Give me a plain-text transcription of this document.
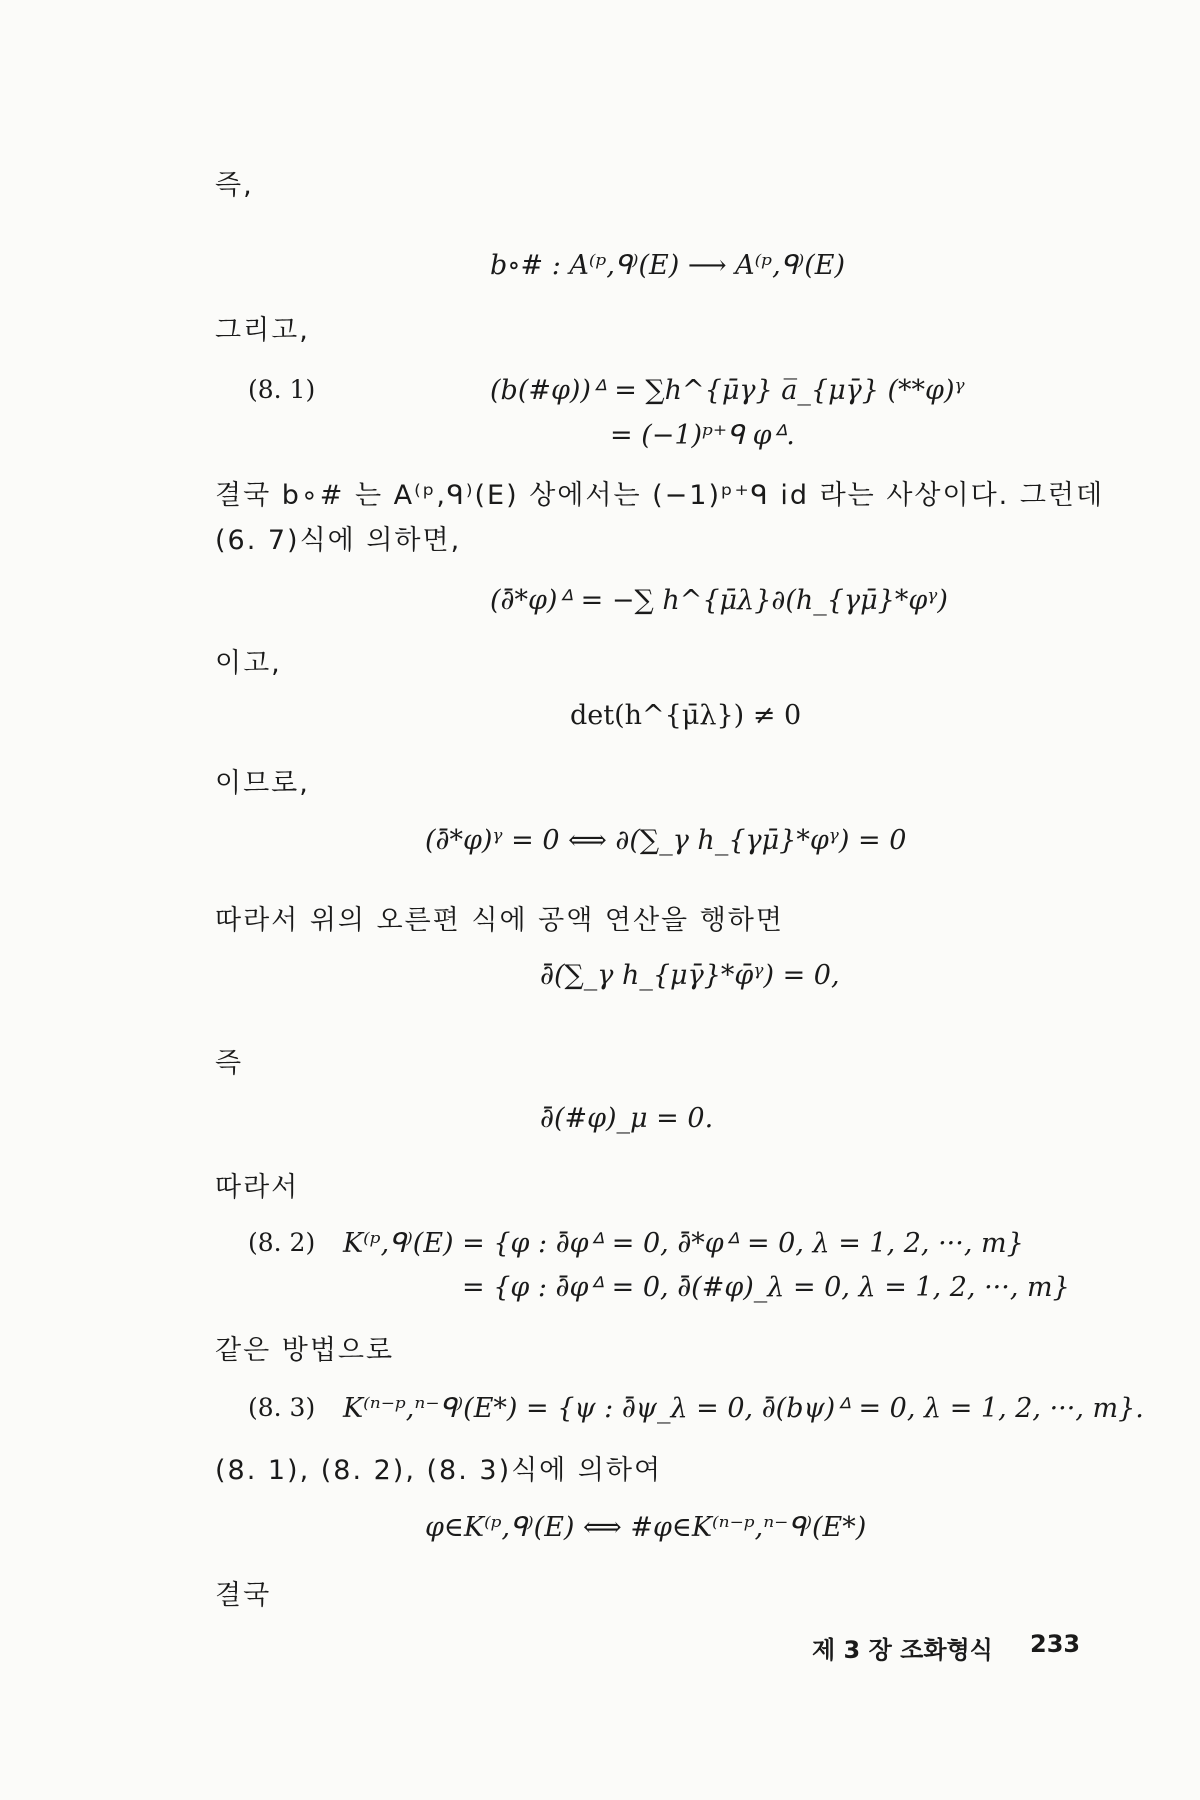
즉,
b∘# : A⁽ᵖ,ᑫ⁾(E) ⟶ A⁽ᵖ,ᑫ⁾(E)
그리고,
(8. 1)	(b(#φ))ᐞ = ∑h^{μ̄γ} a̅_{μγ̄} (**φ)ᵞ
= (−1)ᵖ⁺ᑫ φᐞ.
결국 b∘# 는 A⁽ᵖ,ᑫ⁾(E) 상에서는 (−1)ᵖ⁺ᑫ id 라는 사상이다. 그런데
(6. 7)식에 의하면,
(∂̄*φ)ᐞ = −∑ h^{μ̄λ}∂(h_{γμ̄}*φᵞ)
이고,
det(h^{μ̄λ}) ≠ 0
이므로,
(∂̄*φ)ᵞ = 0 ⟺ ∂(∑_γ h_{γμ̄}*φᵞ) = 0
따라서 위의 오른편 식에 공액 연산을 행하면
∂̄(∑_γ h_{μγ̄}*φ̄ᵞ) = 0,
즉
∂̄(#φ)_μ = 0.
따라서
(8. 2) K⁽ᵖ,ᑫ⁾(E) = {φ : ∂̄φᐞ = 0, ∂̄*φᐞ = 0, λ = 1, 2, ···, m}
= {φ : ∂̄φᐞ = 0, ∂̄(#φ)_λ = 0, λ = 1, 2, ···, m}
같은 방법으로
(8. 3) K⁽ⁿ⁻ᵖ,ⁿ⁻ᑫ⁾(E*) = {ψ : ∂̄ψ_λ = 0, ∂̄(bψ)ᐞ = 0, λ = 1, 2, ···, m}.
(8. 1), (8. 2), (8. 3)식에 의하여
φ∈K⁽ᵖ,ᑫ⁾(E) ⟺ #φ∈K⁽ⁿ⁻ᵖ,ⁿ⁻ᑫ⁾(E*)
결국
제 3 장 조화형식 233
